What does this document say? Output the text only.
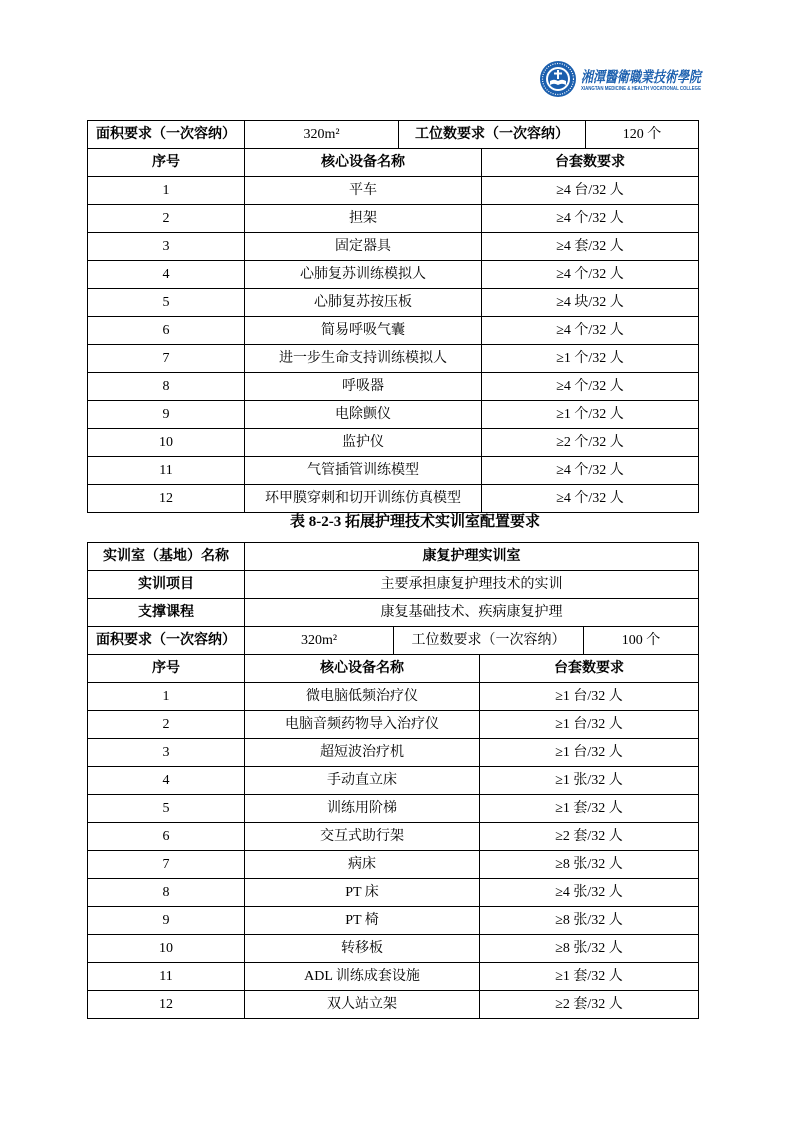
湘潭醫衛職業技術學院
XIANGTAN MEDICINE & HEALTH VOCATIONAL COLLEGE
面积要求（一次容纳）	320m²	工位数要求（一次容纳）		120 个
序号	核心设备名称		台套数要求	
1	平车		≥4 台/32 人	
2	担架		≥4 个/32 人	
3	固定器具		≥4 套/32 人	
4	心肺复苏训练模拟人		≥4 个/32 人	
5	心肺复苏按压板		≥4 块/32 人	
6	简易呼吸气囊		≥4 个/32 人	
7	进一步生命支持训练模拟人		≥1 个/32 人	
8	呼吸器		≥4 个/32 人	
9	电除颤仪		≥1 个/32 人	
10	监护仪		≥2 个/32 人	
11	气管插管训练模型		≥4 个/32 人	
12	环甲膜穿刺和切开训练仿真模型		≥4 个/32 人	
表 8-2-3 拓展护理技术实训室配置要求
实训室（基地）名称	康复护理实训室			
实训项目	主要承担康复护理技术的实训			
支撑课程	康复基础技术、疾病康复护理			
面积要求（一次容纳）	320m²	工位数要求（一次容纳）		100 个
序号	核心设备名称		台套数要求	
1	微电脑低频治疗仪		≥1 台/32 人	
2	电脑音频药物导入治疗仪		≥1 台/32 人	
3	超短波治疗机		≥1 台/32 人	
4	手动直立床		≥1 张/32 人	
5	训练用阶梯		≥1 套/32 人	
6	交互式助行架		≥2 套/32 人	
7	病床		≥8 张/32 人	
8	PT 床		≥4 张/32 人	
9	PT 椅		≥8 张/32 人	
10	转移板		≥8 张/32 人	
11	ADL 训练成套设施		≥1 套/32 人	
12	双人站立架		≥2 套/32 人	
